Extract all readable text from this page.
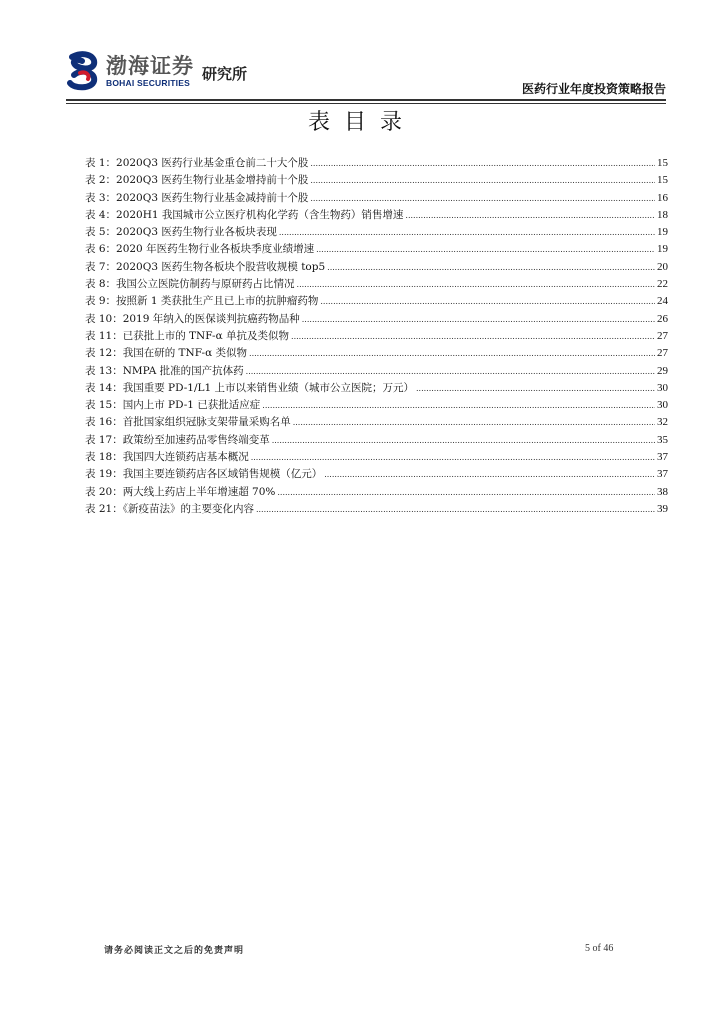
渤海证券
BOHAI SECURITIES 研究所
医药行业年度投资策略报告
表目录
表 1：2020Q3 医药行业基金重仓前二十大个股 .....	15
表 2：2020Q3 医药生物行业基金增持前十个股 .....	15
表 3：2020Q3 医药生物行业基金减持前十个股 .....	16
表 4：2020H1 我国城市公立医疗机构化学药（含生物药）销售增速 .....	18
表 5：2020Q3 医药生物行业各板块表现 .....	19
表 6：2020 年医药生物行业各板块季度业绩增速 .....	19
表 7：2020Q3 医药生物各板块个股营收规模 top5 .....	20
表 8：我国公立医院仿制药与原研药占比情况 .....	22
表 9：按照新 1 类获批生产且已上市的抗肿瘤药物 .....	24
表 10：2019 年纳入的医保谈判抗癌药物品种 .....	26
表 11：已获批上市的 TNF-α 单抗及类似物 .....	27
表 12：我国在研的 TNF-α 类似物 .....	27
表 13：NMPA 批准的国产抗体药 .....	29
表 14：我国重要 PD-1/L1 上市以来销售业绩（城市公立医院；万元） .....	30
表 15：国内上市 PD-1 已获批适应症 .....	30
表 16：首批国家组织冠脉支架带量采购名单 .....	32
表 17：政策纷至加速药品零售终端变革 .....	35
表 18：我国四大连锁药店基本概况 .....	37
表 19：我国主要连锁药店各区域销售规模（亿元） .....	37
表 20：两大线上药店上半年增速超 70% .....	38
表 21：《新疫苗法》的主要变化内容 .....	39
请务必阅读正文之后的免责声明	5 of 46
